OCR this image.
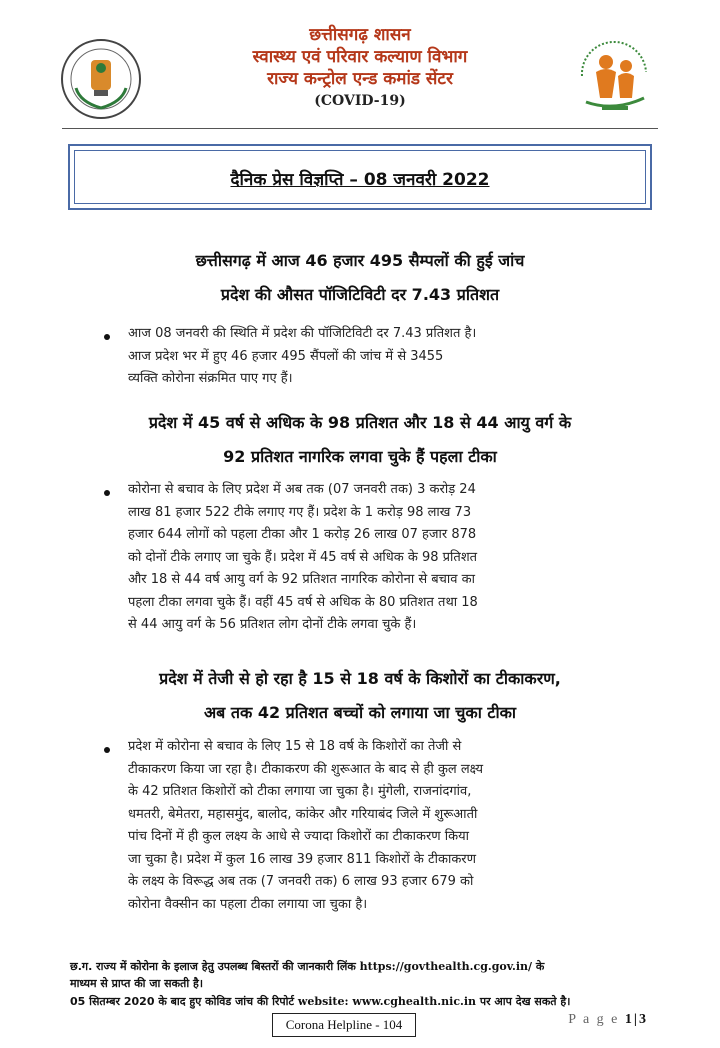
छत्तीसगढ़ शासन
स्वास्थ्य एवं परिवार कल्याण विभाग
राज्य कन्ट्रोल एन्ड कमांड सेंटर
(COVID-19)
दैनिक प्रेस विज्ञप्ति – 08 जनवरी 2022
छत्तीसगढ़ में आज 46 हजार 495 सैम्पलों की हुई जांच
प्रदेश की औसत पॉजिटिविटी दर 7.43 प्रतिशत
आज 08 जनवरी की स्थिति में प्रदेश की पॉजिटिविटी दर 7.43 प्रतिशत है।
आज प्रदेश भर में हुए 46 हजार 495 सैंपलों की जांच में से 3455
व्यक्ति कोरोना संक्रमित पाए गए हैं।
प्रदेश में 45 वर्ष से अधिक के 98 प्रतिशत और 18 से 44 आयु वर्ग के
92 प्रतिशत नागरिक लगवा चुके हैं पहला टीका
कोरोना से बचाव के लिए प्रदेश में अब तक (07 जनवरी तक) 3 करोड़ 24
लाख 81 हजार 522 टीके लगाए गए हैं। प्रदेश के 1 करोड़ 98 लाख 73
हजार 644 लोगों को पहला टीका और 1 करोड़ 26 लाख 07 हजार 878
को दोनों टीके लगाए जा चुके हैं। प्रदेश में 45 वर्ष से अधिक के 98 प्रतिशत
और 18 से 44 वर्ष आयु वर्ग के 92 प्रतिशत नागरिक कोरोना से बचाव का
पहला टीका लगवा चुके हैं। वहीं 45 वर्ष से अधिक के 80 प्रतिशत तथा 18
से 44 आयु वर्ग के 56 प्रतिशत लोग दोनों टीके लगवा चुके हैं।
प्रदेश में तेजी से हो रहा है 15 से 18 वर्ष के किशोरों का टीकाकरण,
अब तक 42 प्रतिशत बच्चों को लगाया जा चुका टीका
प्रदेश में कोरोना से बचाव के लिए 15 से 18 वर्ष के किशोरों का तेजी से
टीकाकरण किया जा रहा है। टीकाकरण की शुरूआत के बाद से ही कुल लक्ष्य
के 42 प्रतिशत किशोरों को टीका लगाया जा चुका है। मुंगेली, राजनांदगांव,
धमतरी, बेमेतरा, महासमुंद, बालोद, कांकेर और गरियाबंद जिले में शुरूआती
पांच दिनों में ही कुल लक्ष्य के आधे से ज्यादा किशोरों का टीकाकरण किया
जा चुका है। प्रदेश में कुल 16 लाख 39 हजार 811 किशोरों के टीकाकरण
के लक्ष्य के विरूद्ध अब तक (7 जनवरी तक) 6 लाख 93 हजार 679 को
कोरोना वैक्सीन का पहला टीका लगाया जा चुका है।
छ.ग. राज्य में कोरोना के इलाज हेतु उपलब्ध बिस्तरों की जानकारी लिंक https://govthealth.cg.gov.in/ के
माध्यम से प्राप्त की जा सकती है।
05 सितम्बर 2020 के बाद हुए कोविड जांच की रिपोर्ट website: www.cghealth.nic.in पर आप देख सकते है।
Corona Helpline - 104	P a g e 1|3
